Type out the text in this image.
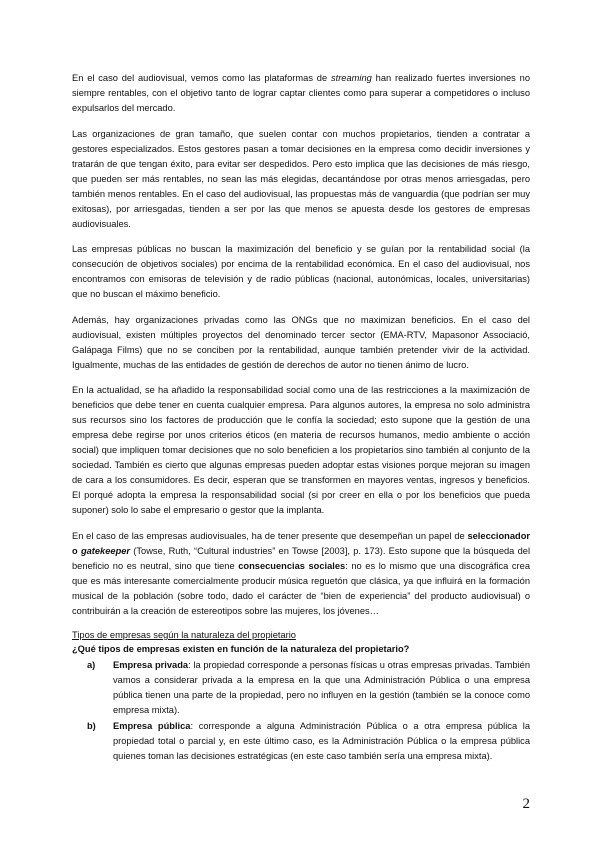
En el caso del audiovisual, vemos como las plataformas de streaming han realizado fuertes inversiones no siempre rentables, con el objetivo tanto de lograr captar clientes como para superar a competidores o incluso expulsarlos del mercado.

Las organizaciones de gran tamaño, que suelen contar con muchos propietarios, tienden a contratar a gestores especializados. Estos gestores pasan a tomar decisiones en la empresa como decidir inversiones y tratarán de que tengan éxito, para evitar ser despedidos. Pero esto implica que las decisiones de más riesgo, que pueden ser más rentables, no sean las más elegidas, decantándose por otras menos arriesgadas, pero también menos rentables. En el caso del audiovisual, las propuestas más de vanguardia (que podrían ser muy exitosas), por arriesgadas, tienden a ser por las que menos se apuesta desde los gestores de empresas audiovisuales.

Las empresas públicas no buscan la maximización del beneficio y se guían por la rentabilidad social (la consecución de objetivos sociales) por encima de la rentabilidad económica. En el caso del audiovisual, nos encontramos con emisoras de televisión y de radio públicas (nacional, autonómicas, locales, universitarias) que no buscan el máximo beneficio.

Además, hay organizaciones privadas como las ONGs que no maximizan beneficios. En el caso del audiovisual, existen múltiples proyectos del denominado tercer sector (EMA-RTV, Mapasonor Associació, Galápaga Films) que no se conciben por la rentabilidad, aunque también pretender vivir de la actividad. Igualmente, muchas de las entidades de gestión de derechos de autor no tienen ánimo de lucro.

En la actualidad, se ha añadido la responsabilidad social como una de las restricciones a la maximización de beneficios que debe tener en cuenta cualquier empresa. Para algunos autores, la empresa no solo administra sus recursos sino los factores de producción que le confía la sociedad; esto supone que la gestión de una empresa debe regirse por unos criterios éticos (en materia de recursos humanos, medio ambiente o acción social) que impliquen tomar decisiones que no solo beneficien a los propietarios sino también al conjunto de la sociedad. También es cierto que algunas empresas pueden adoptar estas visiones porque mejoran su imagen de cara a los consumidores. Es decir, esperan que se transformen en mayores ventas, ingresos y beneficios. El porqué adopta la empresa la responsabilidad social (si por creer en ella o por los beneficios que pueda suponer) solo lo sabe el empresario o gestor que la implanta.

En el caso de las empresas audiovisuales, ha de tener presente que desempeñan un papel de seleccionador o gatekeeper (Towse, Ruth, “Cultural industries” en Towse [2003], p. 173). Esto supone que la búsqueda del beneficio no es neutral, sino que tiene consecuencias sociales: no es lo mismo que una discográfica crea que es más interesante comercialmente producir música reguetón que clásica, ya que influirá en la formación musical de la población (sobre todo, dado el carácter de “bien de experiencia” del producto audiovisual) o contribuirán a la creación de estereotipos sobre las mujeres, los jóvenes…

Tipos de empresas según la naturaleza del propietario
¿Qué tipos de empresas existen en función de la naturaleza del propietario?
a) Empresa privada: la propiedad corresponde a personas físicas u otras empresas privadas. También vamos a considerar privada a la empresa en la que una Administración Pública o una empresa pública tienen una parte de la propiedad, pero no influyen en la gestión (también se la conoce como empresa mixta).
b) Empresa pública: corresponde a alguna Administración Pública o a otra empresa pública la propiedad total o parcial y, en este último caso, es la Administración Pública o la empresa pública quienes toman las decisiones estratégicas (en este caso también sería una empresa mixta).
2
